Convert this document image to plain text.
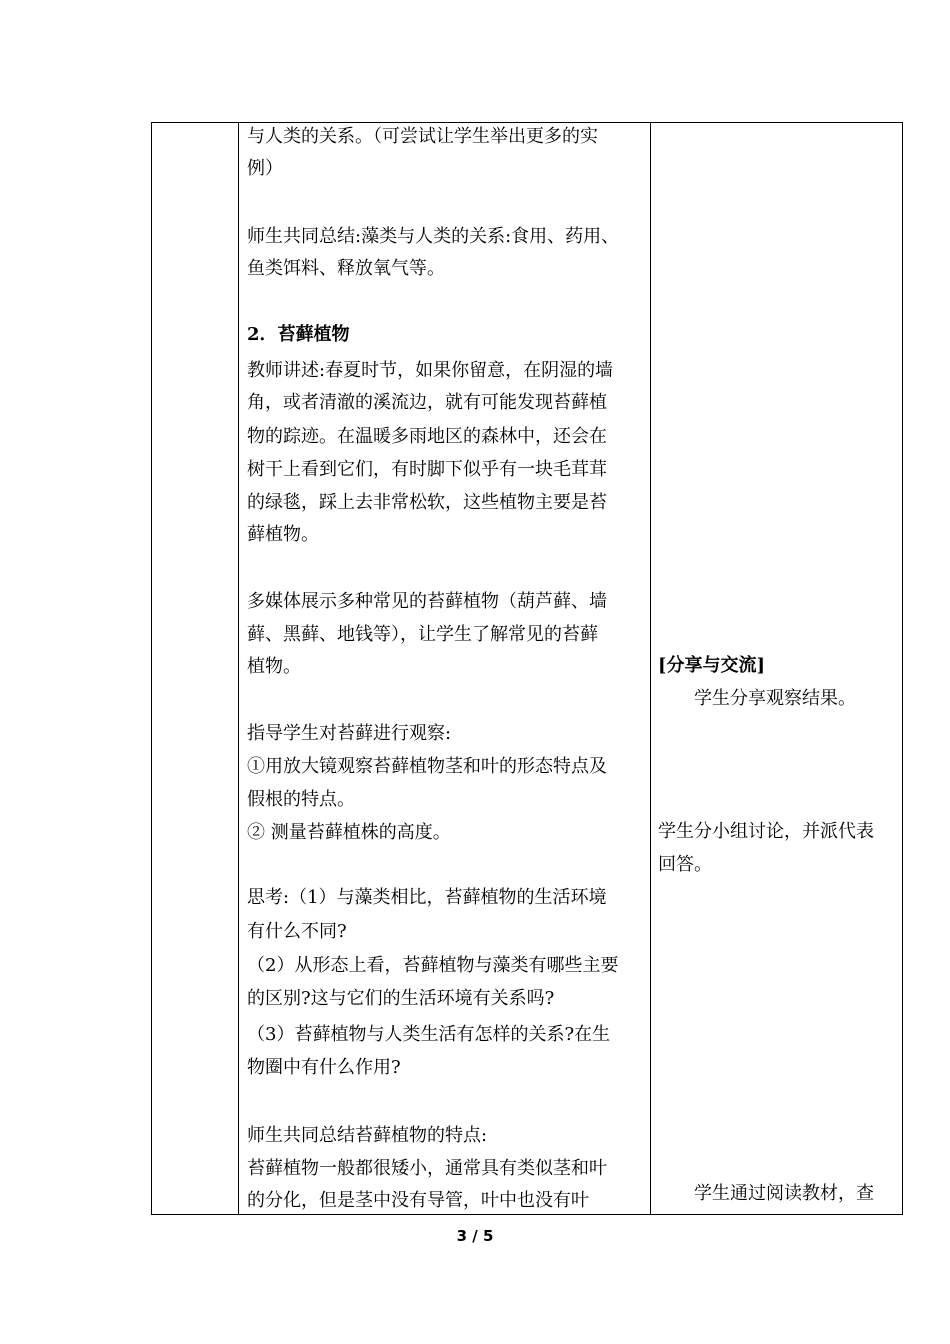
与人类的关系。（可尝试让学生举出更多的实
例）
师生共同总结:藻类与人类的关系:食用、药用、
鱼类饵料、释放氧气等。
2．苔藓植物
教师讲述:春夏时节，如果你留意，在阴湿的墙
角，或者清澈的溪流边，就有可能发现苔藓植
物的踪迹。在温暖多雨地区的森林中，还会在
树干上看到它们，有时脚下似乎有一块毛茸茸
的绿毯，踩上去非常松软，这些植物主要是苔
藓植物。
多媒体展示多种常见的苔藓植物（葫芦藓、墙
藓、黑藓、地钱等），让学生了解常见的苔藓
植物。
指导学生对苔藓进行观察:
①用放大镜观察苔藓植物茎和叶的形态特点及
假根的特点。
② 测量苔藓植株的高度。
思考:（1）与藻类相比，苔藓植物的生活环境
有什么不同?
（2）从形态上看，苔藓植物与藻类有哪些主要
的区别?这与它们的生活环境有关系吗?
（3）苔藓植物与人类生活有怎样的关系?在生
物圈中有什么作用?
师生共同总结苔藓植物的特点:
苔藓植物一般都很矮小，通常具有类似茎和叶
的分化，但是茎中没有导管，叶中也没有叶
[分享与交流]
学生分享观察结果。
学生分小组讨论，并派代表
回答。
学生通过阅读教材，查
3 / 5
